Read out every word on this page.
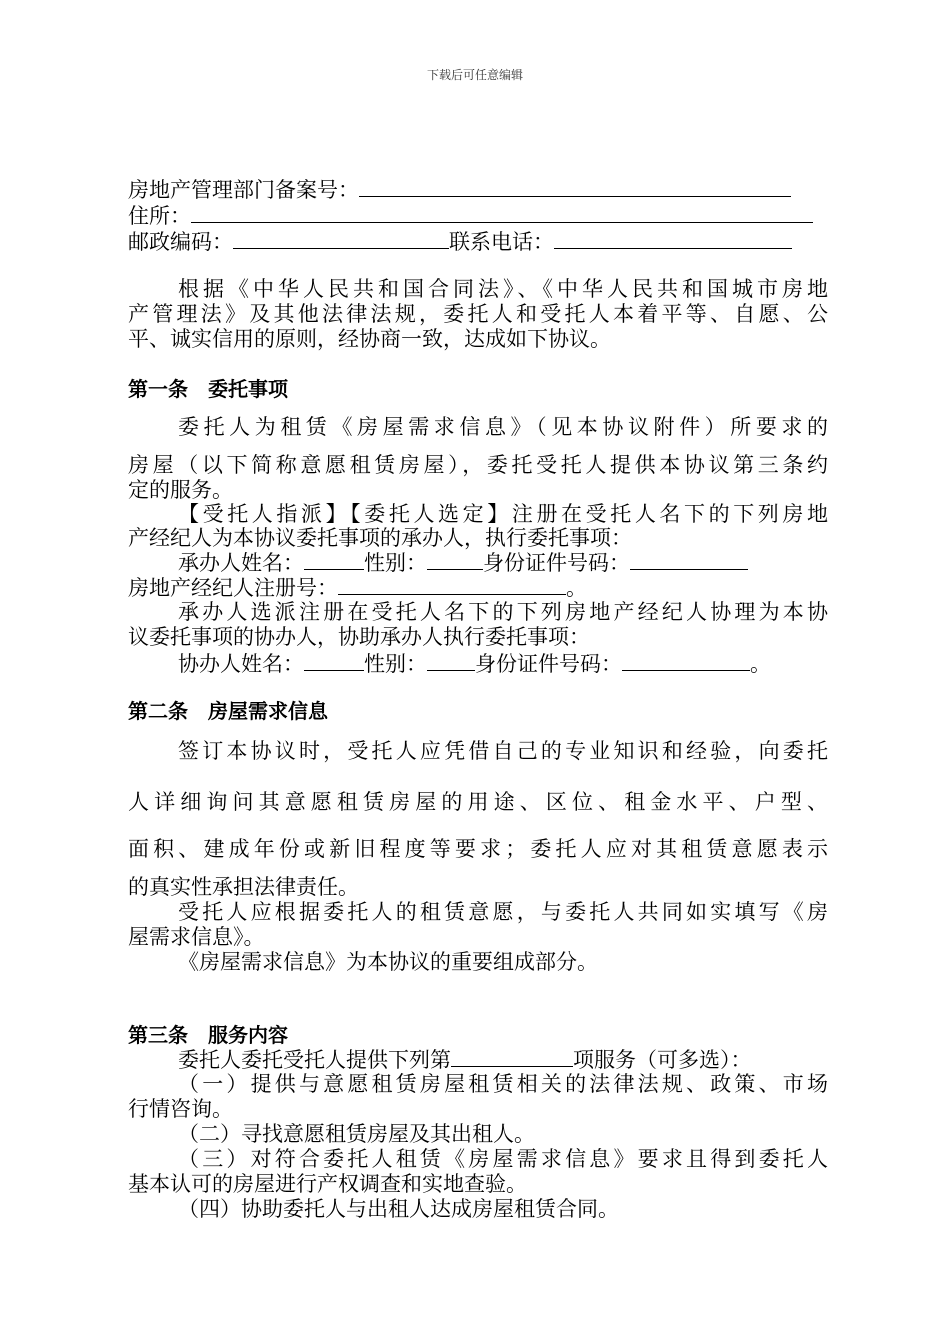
下载后可任意编辑
房地产管理部门备案号：
住所：
邮政编码：	联系电话：
根据《中华人民共和国合同法》、《中华人民共和国城市房地
产管理法》及其他法律法规，委托人和受托人本着平等、自愿、公
平、诚实信用的原则，经协商一致，达成如下协议。
第一条　委托事项
委托人为租赁《房屋需求信息》（见本协议附件）所要求的
房屋（以下简称意愿租赁房屋），委托受托人提供本协议第三条约
定的服务。
【受托人指派】【委托人选定】注册在受托人名下的下列房地
产经纪人为本协议委托事项的承办人，执行委托事项：
承办人姓名：	性别：	身份证件号码：
房地产经纪人注册号：	。
承办人选派注册在受托人名下的下列房地产经纪人协理为本协
议委托事项的协办人，协助承办人执行委托事项：
协办人姓名：	性别： 身份证件号码：	。
第二条　房屋需求信息
签订本协议时，受托人应凭借自己的专业知识和经验，向委托
人详细询问其意愿租赁房屋的用途、区位、租金水平、户型、
面积、建成年份或新旧程度等要求；委托人应对其租赁意愿表示
的真实性承担法律责任。
受托人应根据委托人的租赁意愿，与委托人共同如实填写《房
屋需求信息》。
《房屋需求信息》为本协议的重要组成部分。
第三条　服务内容
委托人委托受托人提供下列第	项服务（可多选）：
（一）提供与意愿租赁房屋租赁相关的法律法规、政策、市场
行情咨询。
（二）寻找意愿租赁房屋及其出租人。
（三）对符合委托人租赁《房屋需求信息》要求且得到委托人
基本认可的房屋进行产权调查和实地查验。
（四）协助委托人与出租人达成房屋租赁合同。
